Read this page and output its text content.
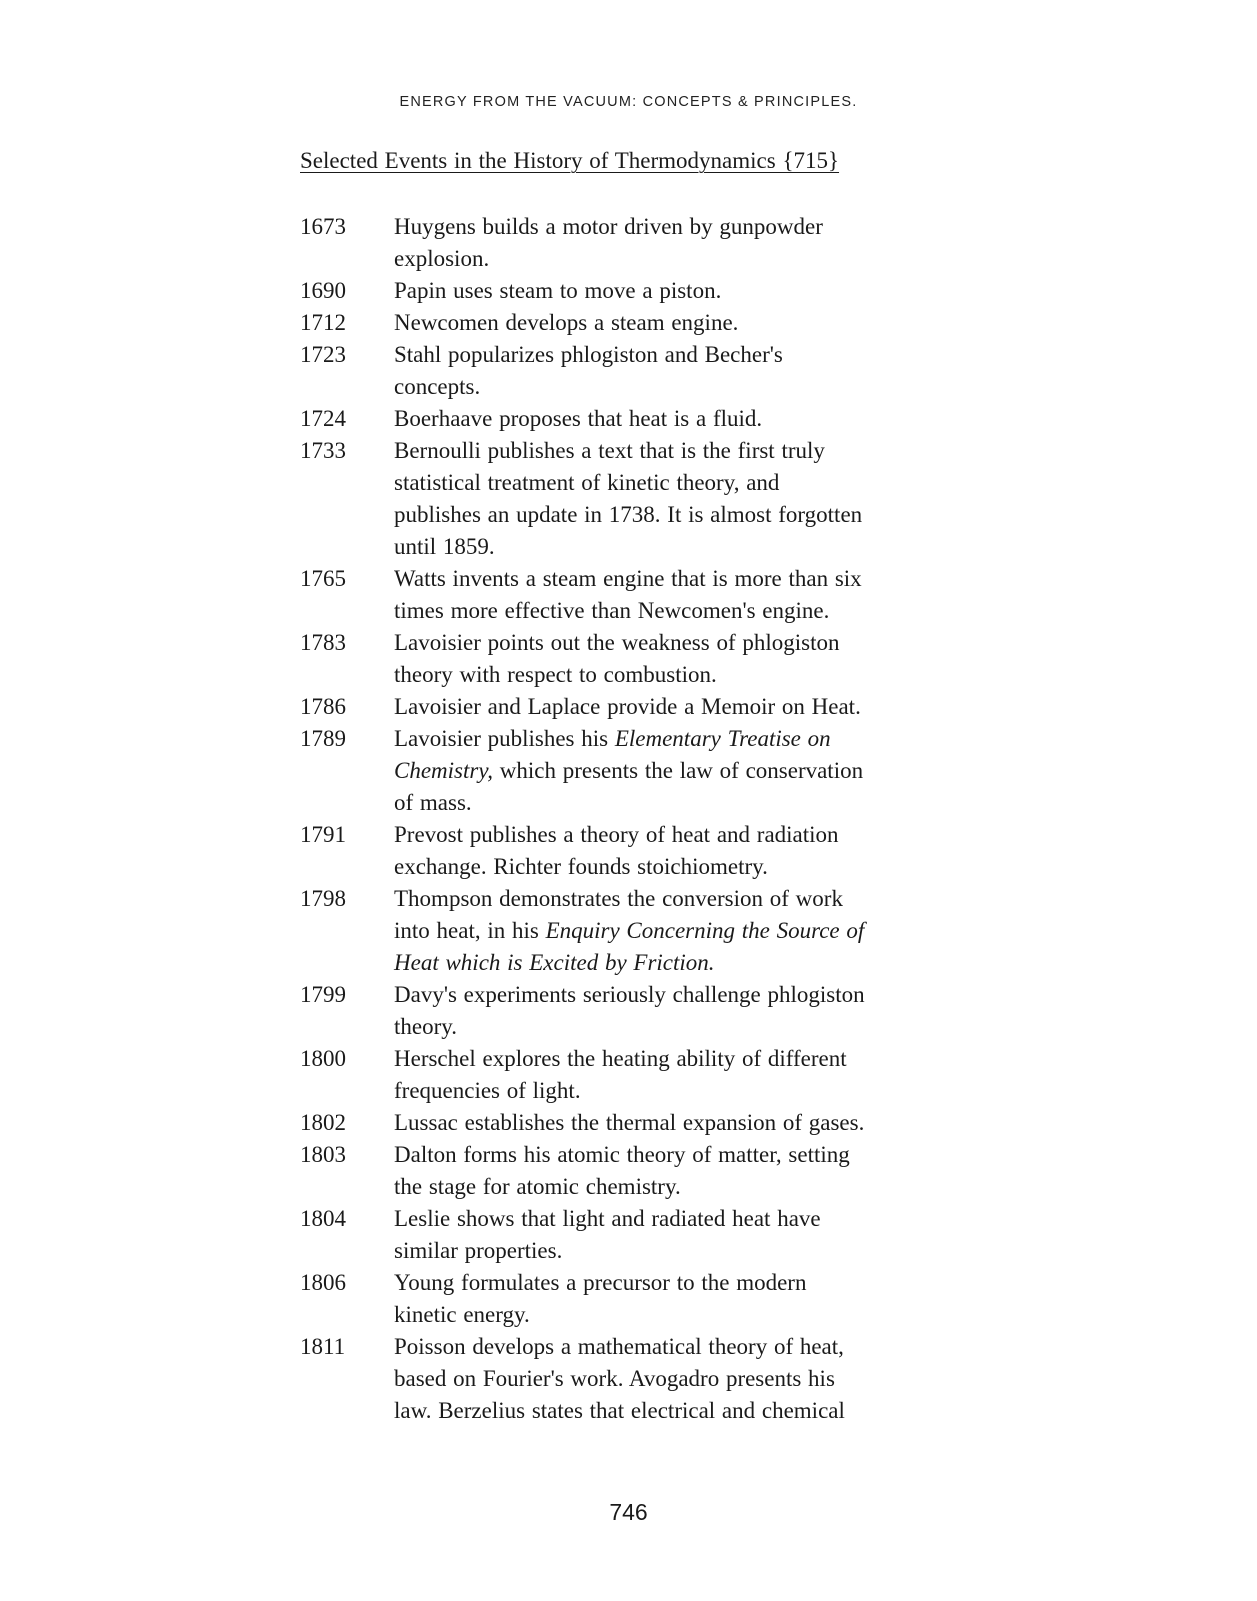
ENERGY FROM THE VACUUM: CONCEPTS & PRINCIPLES.
Selected Events in the History of Thermodynamics {715}
1673	Huygens builds a motor driven by gunpowder
explosion.
1690	Papin uses steam to move a piston.
1712	Newcomen develops a steam engine.
1723	Stahl popularizes phlogiston and Becher's
concepts.
1724	Boerhaave proposes that heat is a fluid.
1733	Bernoulli publishes a text that is the first truly
statistical treatment of kinetic theory, and
publishes an update in 1738. It is almost forgotten
until 1859.
1765	Watts invents a steam engine that is more than six
times more effective than Newcomen's engine.
1783	Lavoisier points out the weakness of phlogiston
theory with respect to combustion.
1786	Lavoisier and Laplace provide a Memoir on Heat.
1789	Lavoisier publishes his Elementary Treatise on
Chemistry, which presents the law of conservation
of mass.
1791	Prevost publishes a theory of heat and radiation
exchange. Richter founds stoichiometry.
1798	Thompson demonstrates the conversion of work
into heat, in his Enquiry Concerning the Source of
Heat which is Excited by Friction.
1799	Davy's experiments seriously challenge phlogiston
theory.
1800	Herschel explores the heating ability of different
frequencies of light.
1802	Lussac establishes the thermal expansion of gases.
1803	Dalton forms his atomic theory of matter, setting
the stage for atomic chemistry.
1804	Leslie shows that light and radiated heat have
similar properties.
1806	Young formulates a precursor to the modern
kinetic energy.
1811	Poisson develops a mathematical theory of heat,
based on Fourier's work. Avogadro presents his
law. Berzelius states that electrical and chemical
746
